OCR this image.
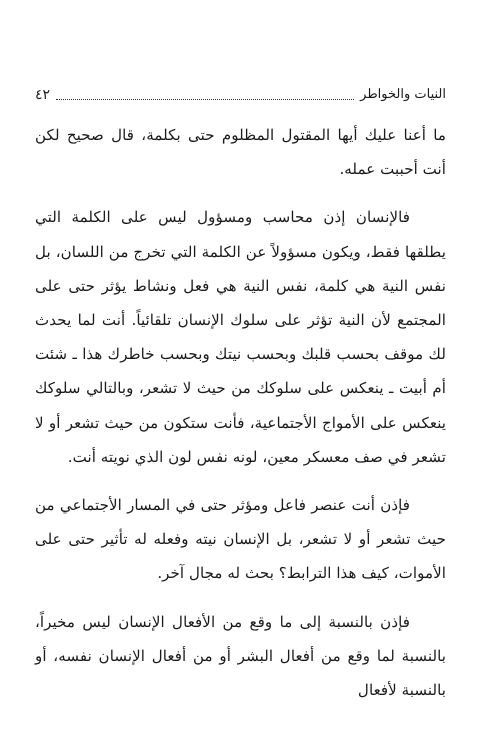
النيات والخواطر
٤٢

ما أعنا عليك أيها المقتول المظلوم حتى بكلمة، قال صحيح لكن أنت أحببت عمله.

فالإنسان إذن محاسب ومسؤول ليس على الكلمة التي يطلقها فقط، ويكون مسؤولاً عن الكلمة التي تخرج من اللسان، بل نفس النية هي كلمة، نفس النية هي فعل ونشاط يؤثر حتى على المجتمع لأن النية تؤثر على سلوك الإنسان تلقائياً. أنت لما يحدث لك موقف بحسب قلبك وبحسب نيتك وبحسب خاطرك هذا ـ شئت أم أبيت ـ ينعكس على سلوكك من حيث لا تشعر، وبالتالي سلوكك ينعكس على الأمواج الأجتماعية، فأنت ستكون من حيث تشعر أو لا تشعر في صف معسكر معين، لونه نفس لون الذي نويته أنت.

فإذن أنت عنصر فاعل ومؤثر حتى في المسار الأجتماعي من حيث تشعر أو لا تشعر، بل الإنسان نيته وفعله له تأثير حتى على الأموات، كيف هذا الترابط؟ بحث له مجال آخر.

فإذن بالنسبة إلى ما وقع من الأفعال الإنسان ليس مخيراً، بالنسبة لما وقع من أفعال البشر أو من أفعال الإنسان نفسه، أو بالنسبة لأفعال
